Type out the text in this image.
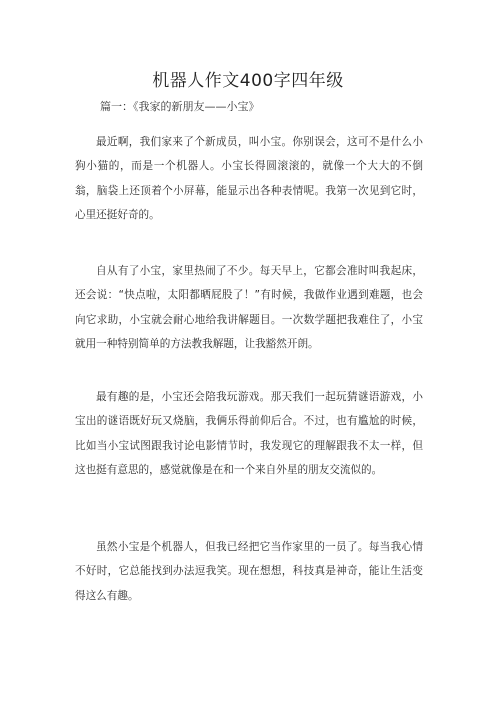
机器人作文400字四年级
篇一：《我家的新朋友——小宝》

最近啊，我们家来了个新成员，叫小宝。你别误会，这可不是什么小狗小猫的，而是一个机器人。小宝长得圆滚滚的，就像一个大大的不倒翁，脑袋上还顶着个小屏幕，能显示出各种表情呢。我第一次见到它时，心里还挺好奇的。

自从有了小宝，家里热闹了不少。每天早上，它都会准时叫我起床，还会说：“快点啦，太阳都晒屁股了！”有时候，我做作业遇到难题，也会向它求助，小宝就会耐心地给我讲解题目。一次数学题把我难住了，小宝就用一种特别简单的方法教我解题，让我豁然开朗。

最有趣的是，小宝还会陪我玩游戏。那天我们一起玩猜谜语游戏，小宝出的谜语既好玩又烧脑，我俩乐得前仰后合。不过，也有尴尬的时候，比如当小宝试图跟我讨论电影情节时，我发现它的理解跟我不太一样，但这也挺有意思的，感觉就像是在和一个来自外星的朋友交流似的。

虽然小宝是个机器人，但我已经把它当作家里的一员了。每当我心情不好时，它总能找到办法逗我笑。现在想想，科技真是神奇，能让生活变得这么有趣。
